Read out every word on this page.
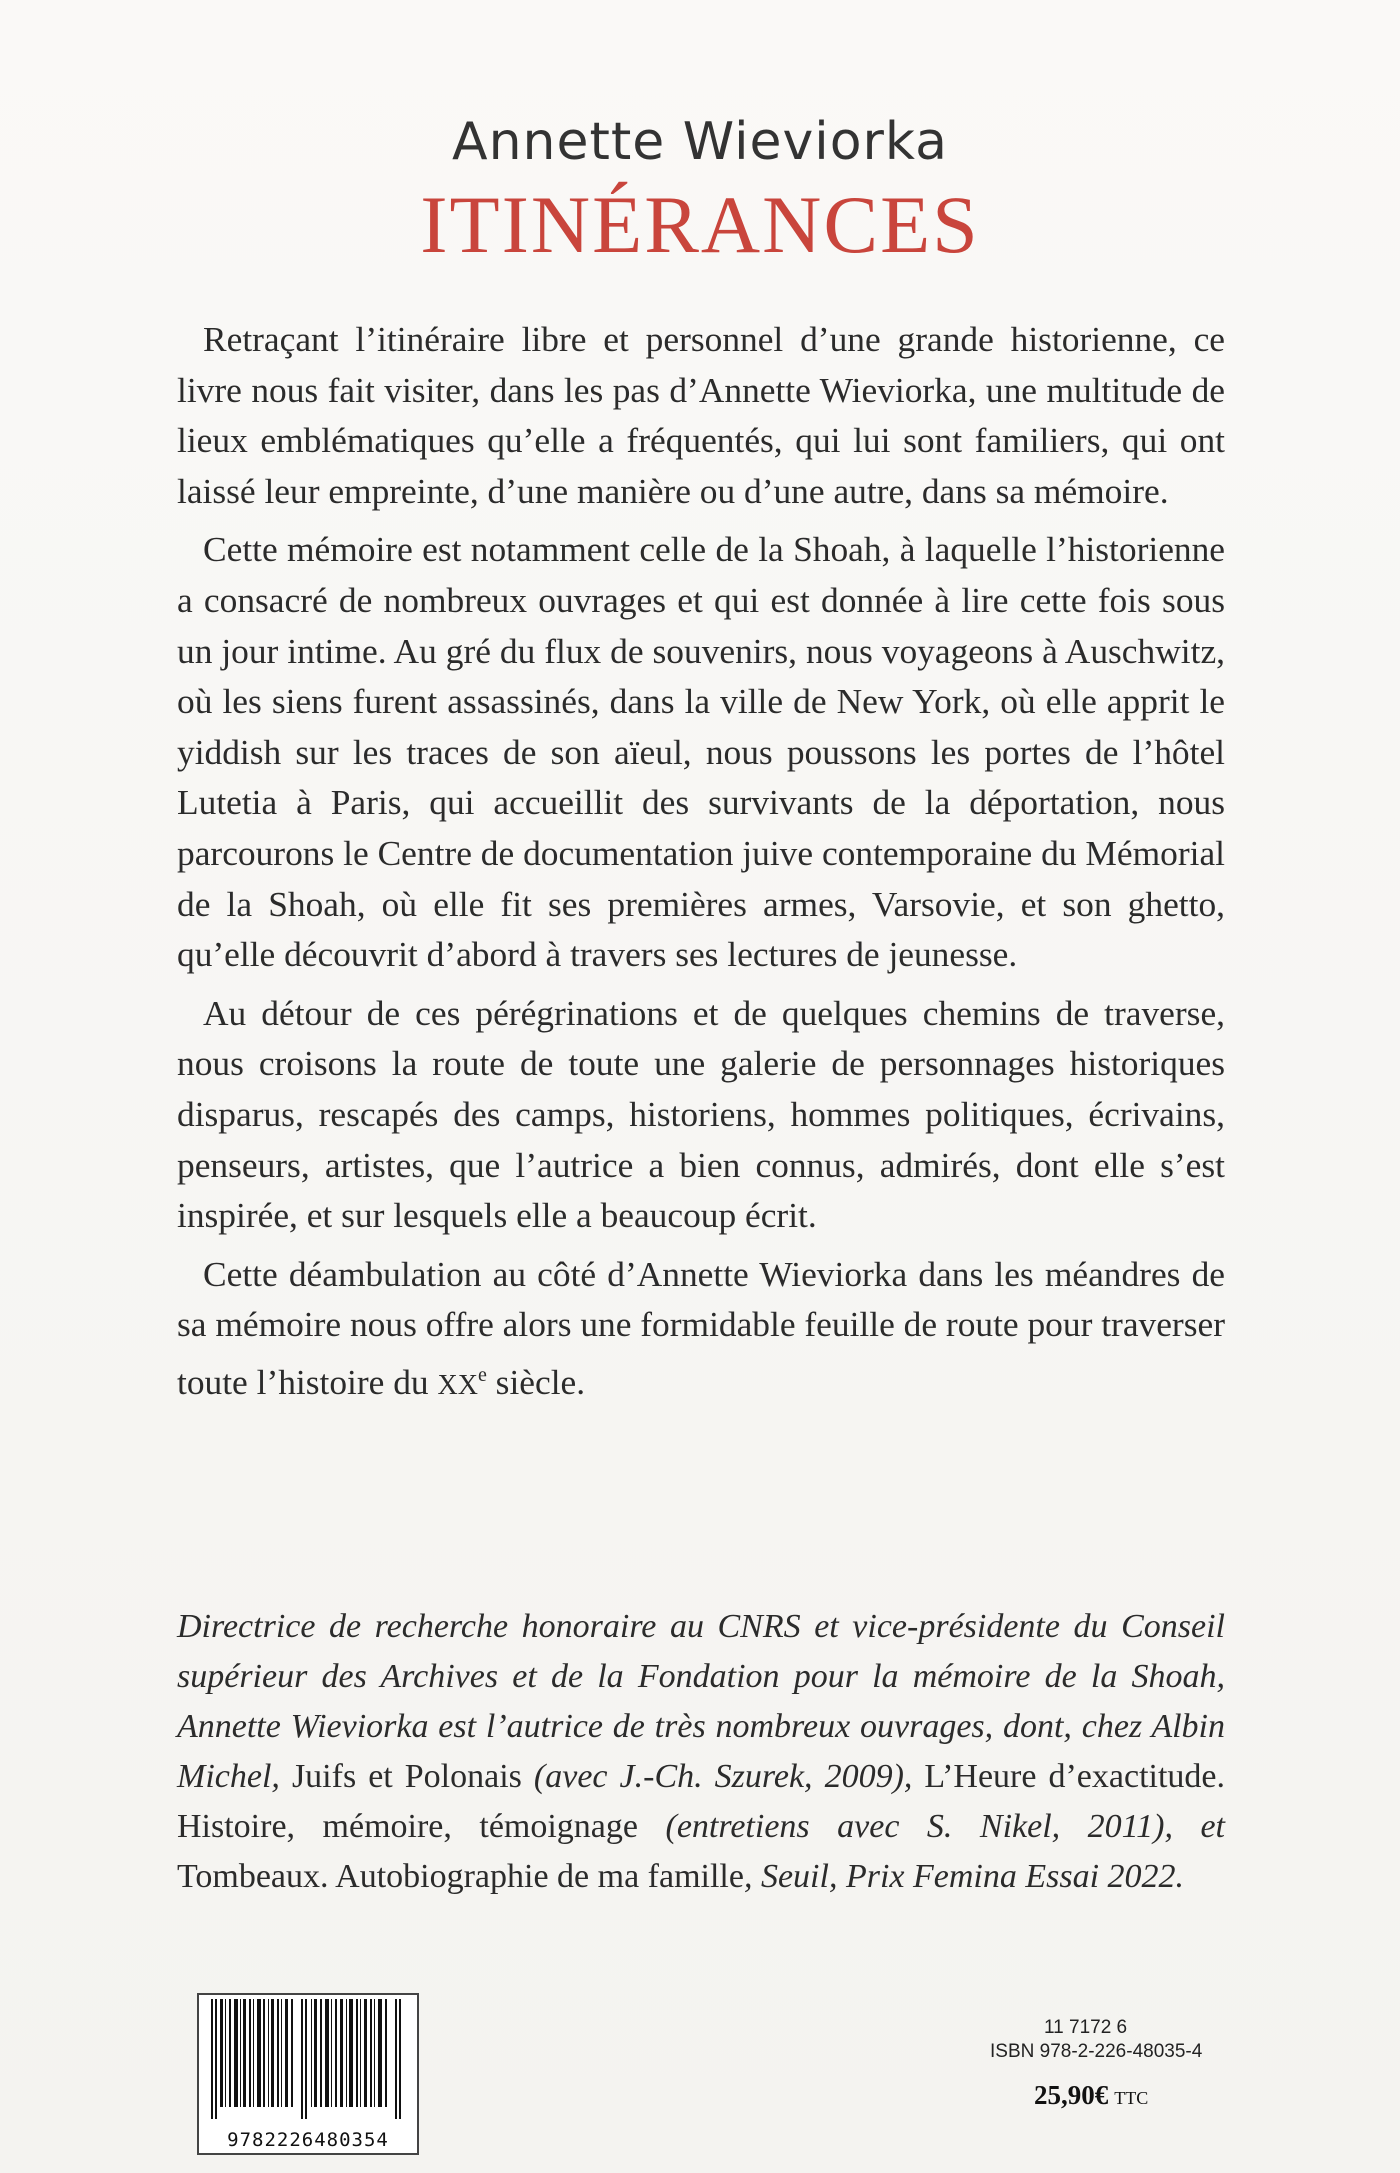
Annette Wieviorka
ITINÉRANCES

Retraçant l’itinéraire libre et personnel d’une grande historienne, ce livre nous fait visiter, dans les pas d’Annette Wieviorka, une multitude de lieux emblématiques qu’elle a fréquentés, qui lui sont familiers, qui ont laissé leur empreinte, d’une manière ou d’une autre, dans sa mémoire.

Cette mémoire est notamment celle de la Shoah, à laquelle l’historienne a consacré de nombreux ouvrages et qui est donnée à lire cette fois sous un jour intime. Au gré du flux de souvenirs, nous voyageons à Auschwitz, où les siens furent assassinés, dans la ville de New York, où elle apprit le yiddish sur les traces de son aïeul, nous poussons les portes de l’hôtel Lutetia à Paris, qui accueillit des survivants de la déportation, nous parcourons le Centre de documentation juive contemporaine du Mémorial de la Shoah, où elle fit ses premières armes, Varsovie, et son ghetto, qu’elle découvrit d’abord à travers ses lectures de jeunesse.

Au détour de ces pérégrinations et de quelques chemins de traverse, nous croisons la route de toute une galerie de personnages historiques disparus, rescapés des camps, historiens, hommes politiques, écrivains, penseurs, artistes, que l’autrice a bien connus, admirés, dont elle s’est inspirée, et sur lesquels elle a beaucoup écrit.

Cette déambulation au côté d’Annette Wieviorka dans les méandres de sa mémoire nous offre alors une formidable feuille de route pour traverser toute l’histoire du XXe siècle.

Directrice de recherche honoraire au CNRS et vice-présidente du Conseil supérieur des Archives et de la Fondation pour la mémoire de la Shoah, Annette Wieviorka est l’autrice de très nombreux ouvrages, dont, chez Albin Michel, Juifs et Polonais (avec J.-Ch. Szurek, 2009), L’Heure d’exactitude. Histoire, mémoire, témoignage (entretiens avec S. Nikel, 2011), et Tombeaux. Autobiographie de ma famille, Seuil, Prix Femina Essai 2022.
9782226480354
11 7172 6
ISBN 978-2-226-48035-4
25,90€ TTC
